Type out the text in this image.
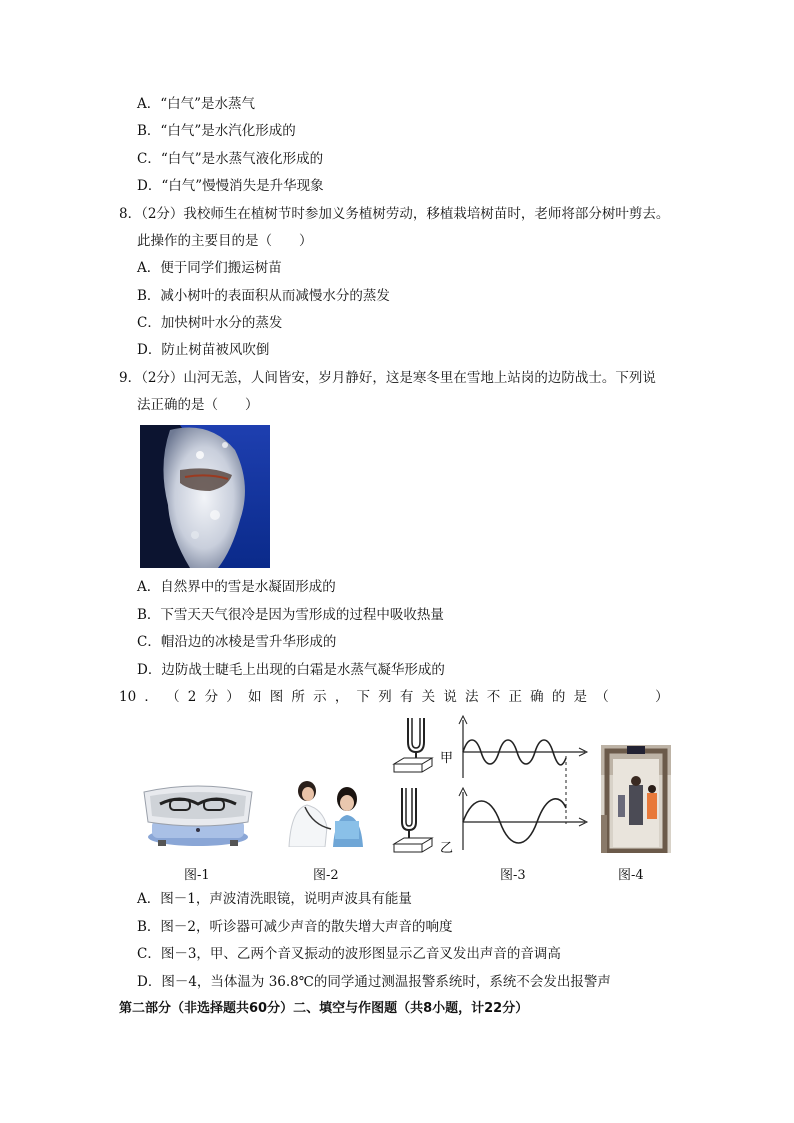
A．“白气”是水蒸气
B．“白气”是水汽化形成的
C．“白气”是水蒸气液化形成的
D．“白气”慢慢消失是升华现象
8．（2分）我校师生在植树节时参加义务植树劳动，移植栽培树苗时，老师将部分树叶剪去。
此操作的主要目的是（　　）
A．便于同学们搬运树苗
B．减小树叶的表面积从而减慢水分的蒸发
C．加快树叶水分的蒸发
D．防止树苗被风吹倒
9．（2分）山河无恙，人间皆安，岁月静好，这是寒冬里在雪地上站岗的边防战士。下列说
法正确的是（　　）
A．自然界中的雪是水凝固形成的
B．下雪天天气很冷是因为雪形成的过程中吸收热量
C．帽沿边的冰棱是雪升华形成的
D．边防战士睫毛上出现的白霜是水蒸气凝华形成的
10 ． （ 2 分 ） 如 图 所 示 ， 下 列 有 关 说 法 不 正 确 的 是 （	）
甲
乙
图-1	图-2	图-3	图-4
A．图－1，声波清洗眼镜，说明声波具有能量
B．图－2，听诊器可减少声音的散失增大声音的响度
C．图－3，甲、乙两个音叉振动的波形图显示乙音叉发出声音的音调高
D．图－4，当体温为 36.8℃的同学通过测温报警系统时，系统不会发出报警声
第二部分（非选择题共60分）二、填空与作图题（共8小题，计22分）
